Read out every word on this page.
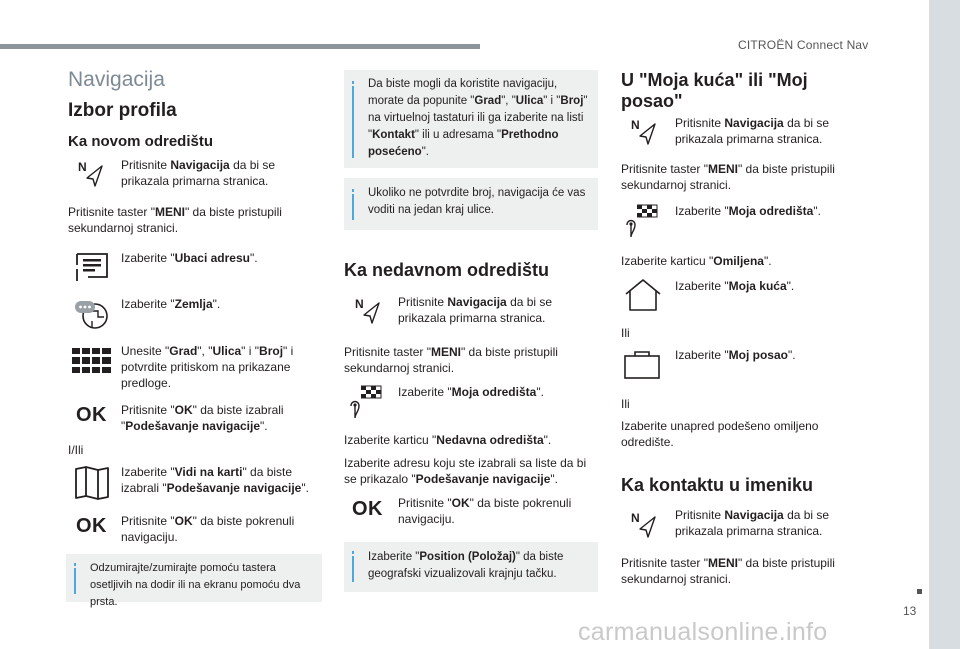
CITROËN Connect Nav
13
carmanualsonline.info
Navigacija
Izbor profila
Ka novom odredištu
N	Pritisnite Navigacija da bi se prikazala primarna stranica.
Pritisnite taster "MENI" da biste pristupili sekundarnoj stranici.
Izaberite "Ubaci adresu".
Izaberite "Zemlja".
Unesite "Grad", "Ulica" i "Broj" i potvrdite pritiskom na prikazane predloge.
OK Pritisnite "OK" da biste izabrali "Podešavanje navigacije".
I/Ili
Izaberite "Vidi na karti" da biste izabrali "Podešavanje navigacije".
OK Pritisnite "OK" da biste pokrenuli navigaciju.
Odzumirajte/zumirajte pomoću tastera osetljivih na dodir ili na ekranu pomoću dva prsta.
Da biste mogli da koristite navigaciju, morate da popunite "Grad", "Ulica" i "Broj" na virtuelnoj tastaturi ili ga izaberite na listi "Kontakt" ili u adresama "Prethodno posećeno".
Ukoliko ne potvrdite broj, navigacija će vas voditi na jedan kraj ulice.
Ka nedavnom odredištu
N	Pritisnite Navigacija da bi se prikazala primarna stranica.
Pritisnite taster "MENI" da biste pristupili sekundarnoj stranici.
Izaberite "Moja odredišta".
Izaberite karticu "Nedavna odredišta".
Izaberite adresu koju ste izabrali sa liste da bi se prikazalo "Podešavanje navigacije".
OK Pritisnite "OK" da biste pokrenuli navigaciju.
Izaberite "Position (Položaj)" da biste geografski vizualizovali krajnju tačku.
U "Moja kuća" ili "Moj posao"
N	Pritisnite Navigacija da bi se prikazala primarna stranica.
Pritisnite taster "MENI" da biste pristupili sekundarnoj stranici.
Izaberite "Moja odredišta".
Izaberite karticu "Omiljena".
Izaberite "Moja kuća".
Ili
Izaberite "Moj posao".
Ili
Izaberite unapred podešeno omiljeno odredište.
Ka kontaktu u imeniku
N	Pritisnite Navigacija da bi se prikazala primarna stranica.
Pritisnite taster "MENI" da biste pristupili sekundarnoj stranici.
